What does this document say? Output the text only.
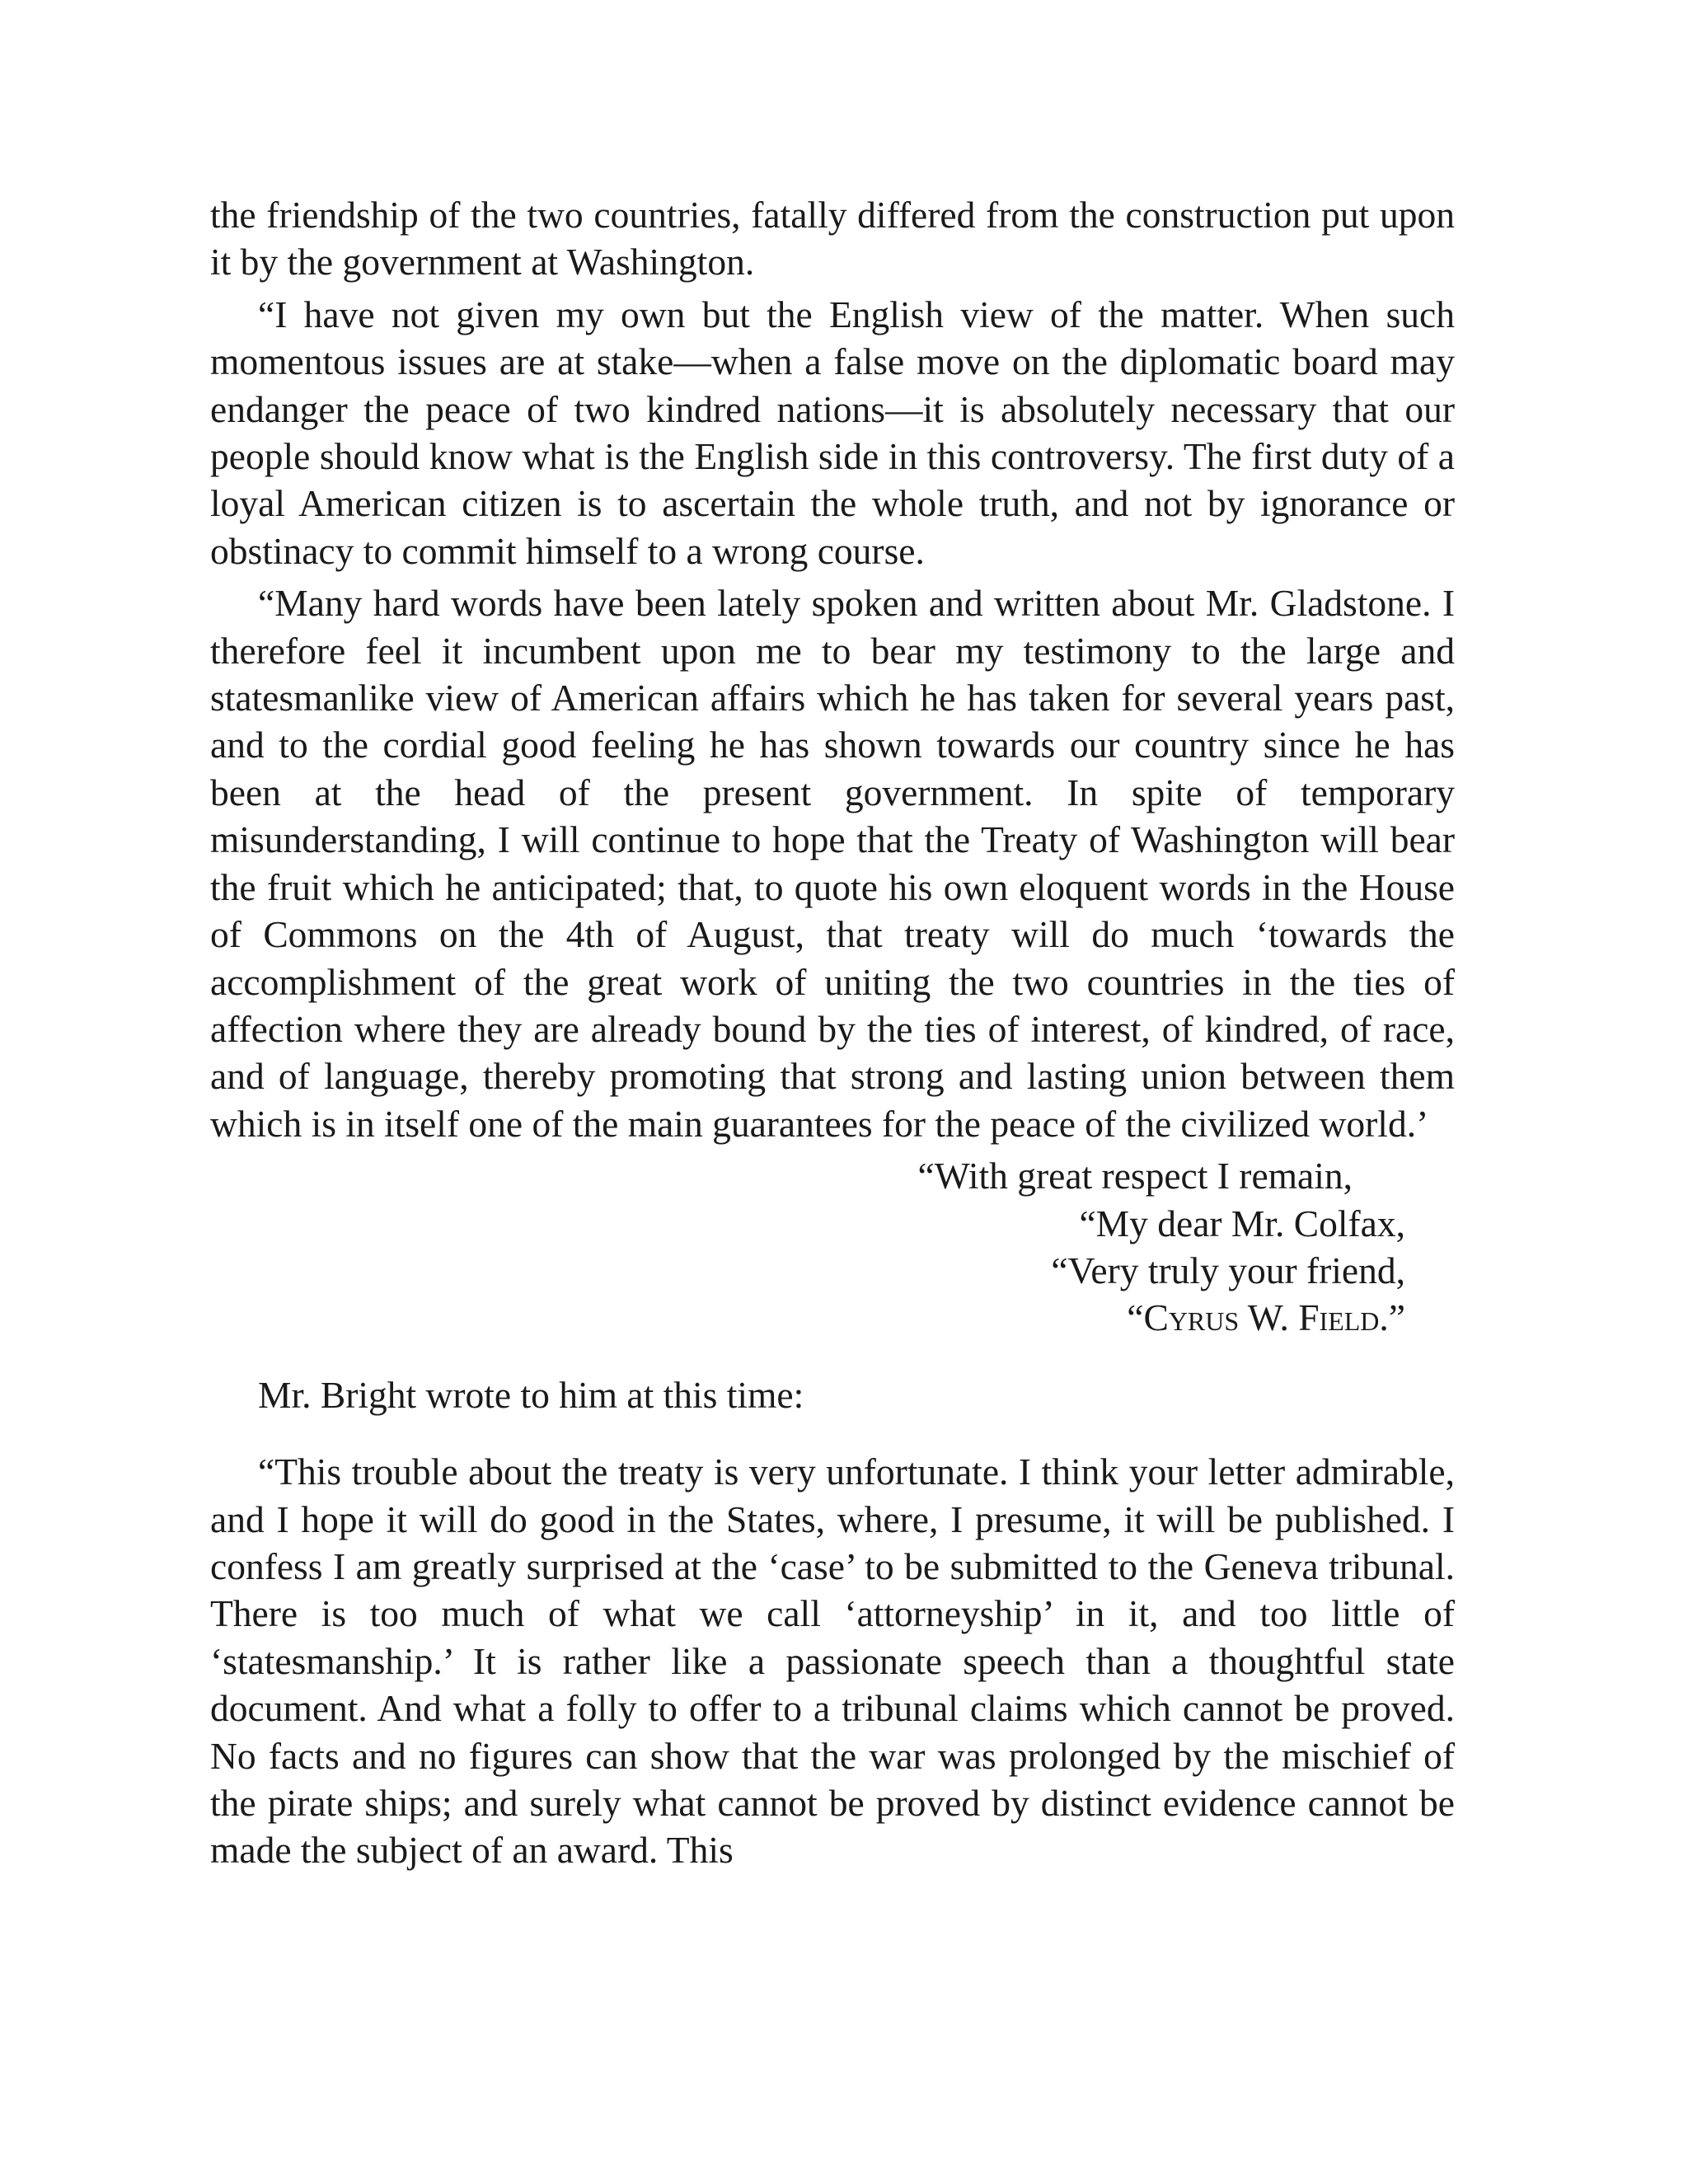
the friendship of the two countries, fatally differed from the construction put upon it by the government at Washington.

“I have not given my own but the English view of the matter. When such momentous issues are at stake—when a false move on the diplomatic board may endanger the peace of two kindred nations—it is absolutely necessary that our people should know what is the English side in this controversy. The first duty of a loyal American citizen is to ascertain the whole truth, and not by ignorance or obstinacy to commit himself to a wrong course.

“Many hard words have been lately spoken and written about Mr. Gladstone. I therefore feel it incumbent upon me to bear my testimony to the large and statesmanlike view of American affairs which he has taken for several years past, and to the cordial good feeling he has shown towards our country since he has been at the head of the present government. In spite of temporary misunderstanding, I will continue to hope that the Treaty of Washington will bear the fruit which he anticipated; that, to quote his own eloquent words in the House of Commons on the 4th of August, that treaty will do much ‘towards the accomplishment of the great work of uniting the two countries in the ties of affection where they are already bound by the ties of interest, of kindred, of race, and of language, thereby promoting that strong and lasting union between them which is in itself one of the main guarantees for the peace of the civilized world.’

“With great respect I remain,
“My dear Mr. Colfax,
“Very truly your friend,
“Cyrus W. Field.”

Mr. Bright wrote to him at this time:

“This trouble about the treaty is very unfortunate. I think your letter admirable, and I hope it will do good in the States, where, I presume, it will be published. I confess I am greatly surprised at the ‘case’ to be submitted to the Geneva tribunal. There is too much of what we call ‘attorneyship’ in it, and too little of ‘statesmanship.’ It is rather like a passionate speech than a thoughtful state document. And what a folly to offer to a tribunal claims which cannot be proved. No facts and no figures can show that the war was prolonged by the mischief of the pirate ships; and surely what cannot be proved by distinct evidence cannot be made the subject of an award. This
